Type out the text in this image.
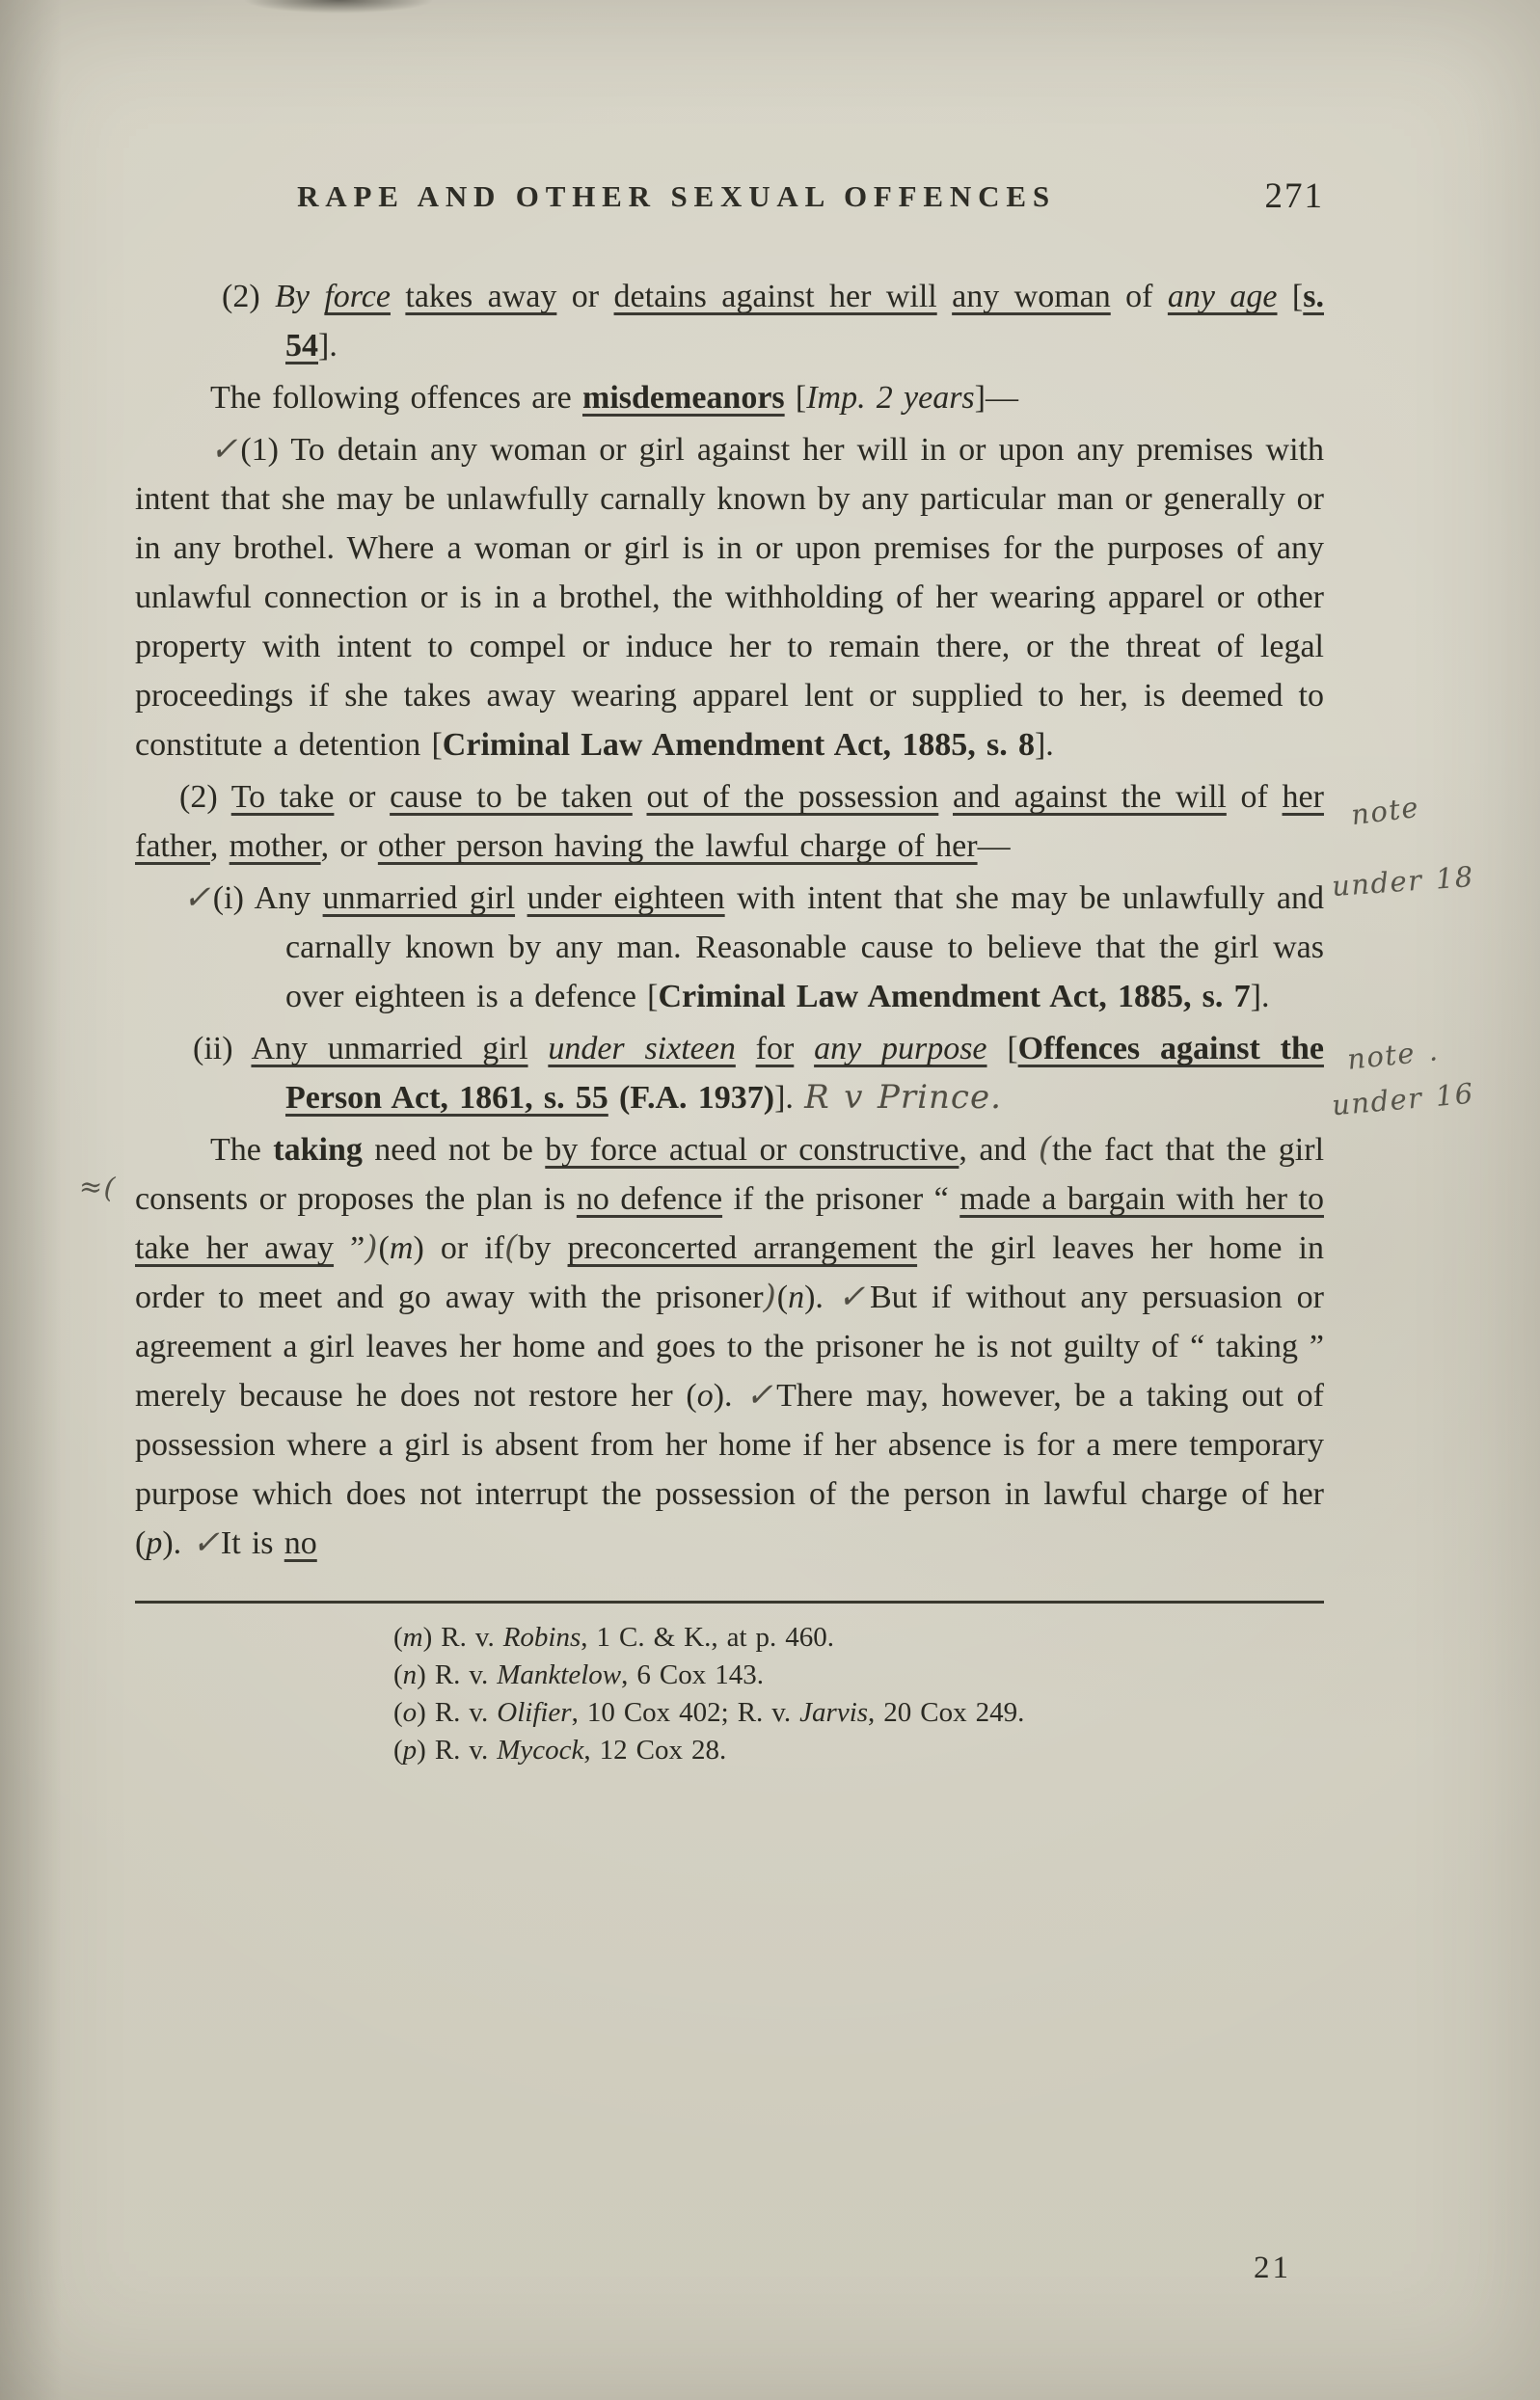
RAPE AND OTHER SEXUAL OFFENCES	271

(2) By force takes away or detains against her will any woman of any age [s. 54].

The following offences are misdemeanors [Imp. 2 years]—

✓(1) To detain any woman or girl against her will in or upon any premises with intent that she may be unlawfully carnally known by any particular man or generally or in any brothel. Where a woman or girl is in or upon premises for the purposes of any unlawful connection or is in a brothel, the withholding of her wearing apparel or other property with intent to compel or induce her to remain there, or the threat of legal proceedings if she takes away wearing apparel lent or supplied to her, is deemed to constitute a detention [Criminal Law Amendment Act, 1885, s. 8].

note
(2) To take or cause to be taken out of the possession and against the will of her father, mother, or other person having the lawful charge of her—

under 18
✓(i) Any unmarried girl under eighteen with intent that she may be unlawfully and carnally known by any man. Reasonable cause to believe that the girl was over eighteen is a defence [Criminal Law Amendment Act, 1885, s. 7].

note .
under 16
(ii) Any unmarried girl under sixteen for any purpose [Offences against the Person Act, 1861, s. 55 (F.A. 1937)]. R v Prince.

≈(
The taking need not be by force actual or constructive, and (the fact that the girl consents or proposes the plan is no defence if the prisoner “ made a bargain with her to take her away ”)(m) or if(by preconcerted arrangement the girl leaves her home in order to meet and go away with the prisoner)(n). ✓But if without any persuasion or agreement a girl leaves her home and goes to the prisoner he is not guilty of “ taking ” merely because he does not restore her (o). ✓There may, however, be a taking out of possession where a girl is absent from her home if her absence is for a mere temporary purpose which does not interrupt the possession of the person in lawful charge of her (p). ✓It is no

(m) R. v. Robins, 1 C. & K., at p. 460.
(n) R. v. Manktelow, 6 Cox 143.
(o) R. v. Olifier, 10 Cox 402; R. v. Jarvis, 20 Cox 249.
(p) R. v. Mycock, 12 Cox 28.
21
